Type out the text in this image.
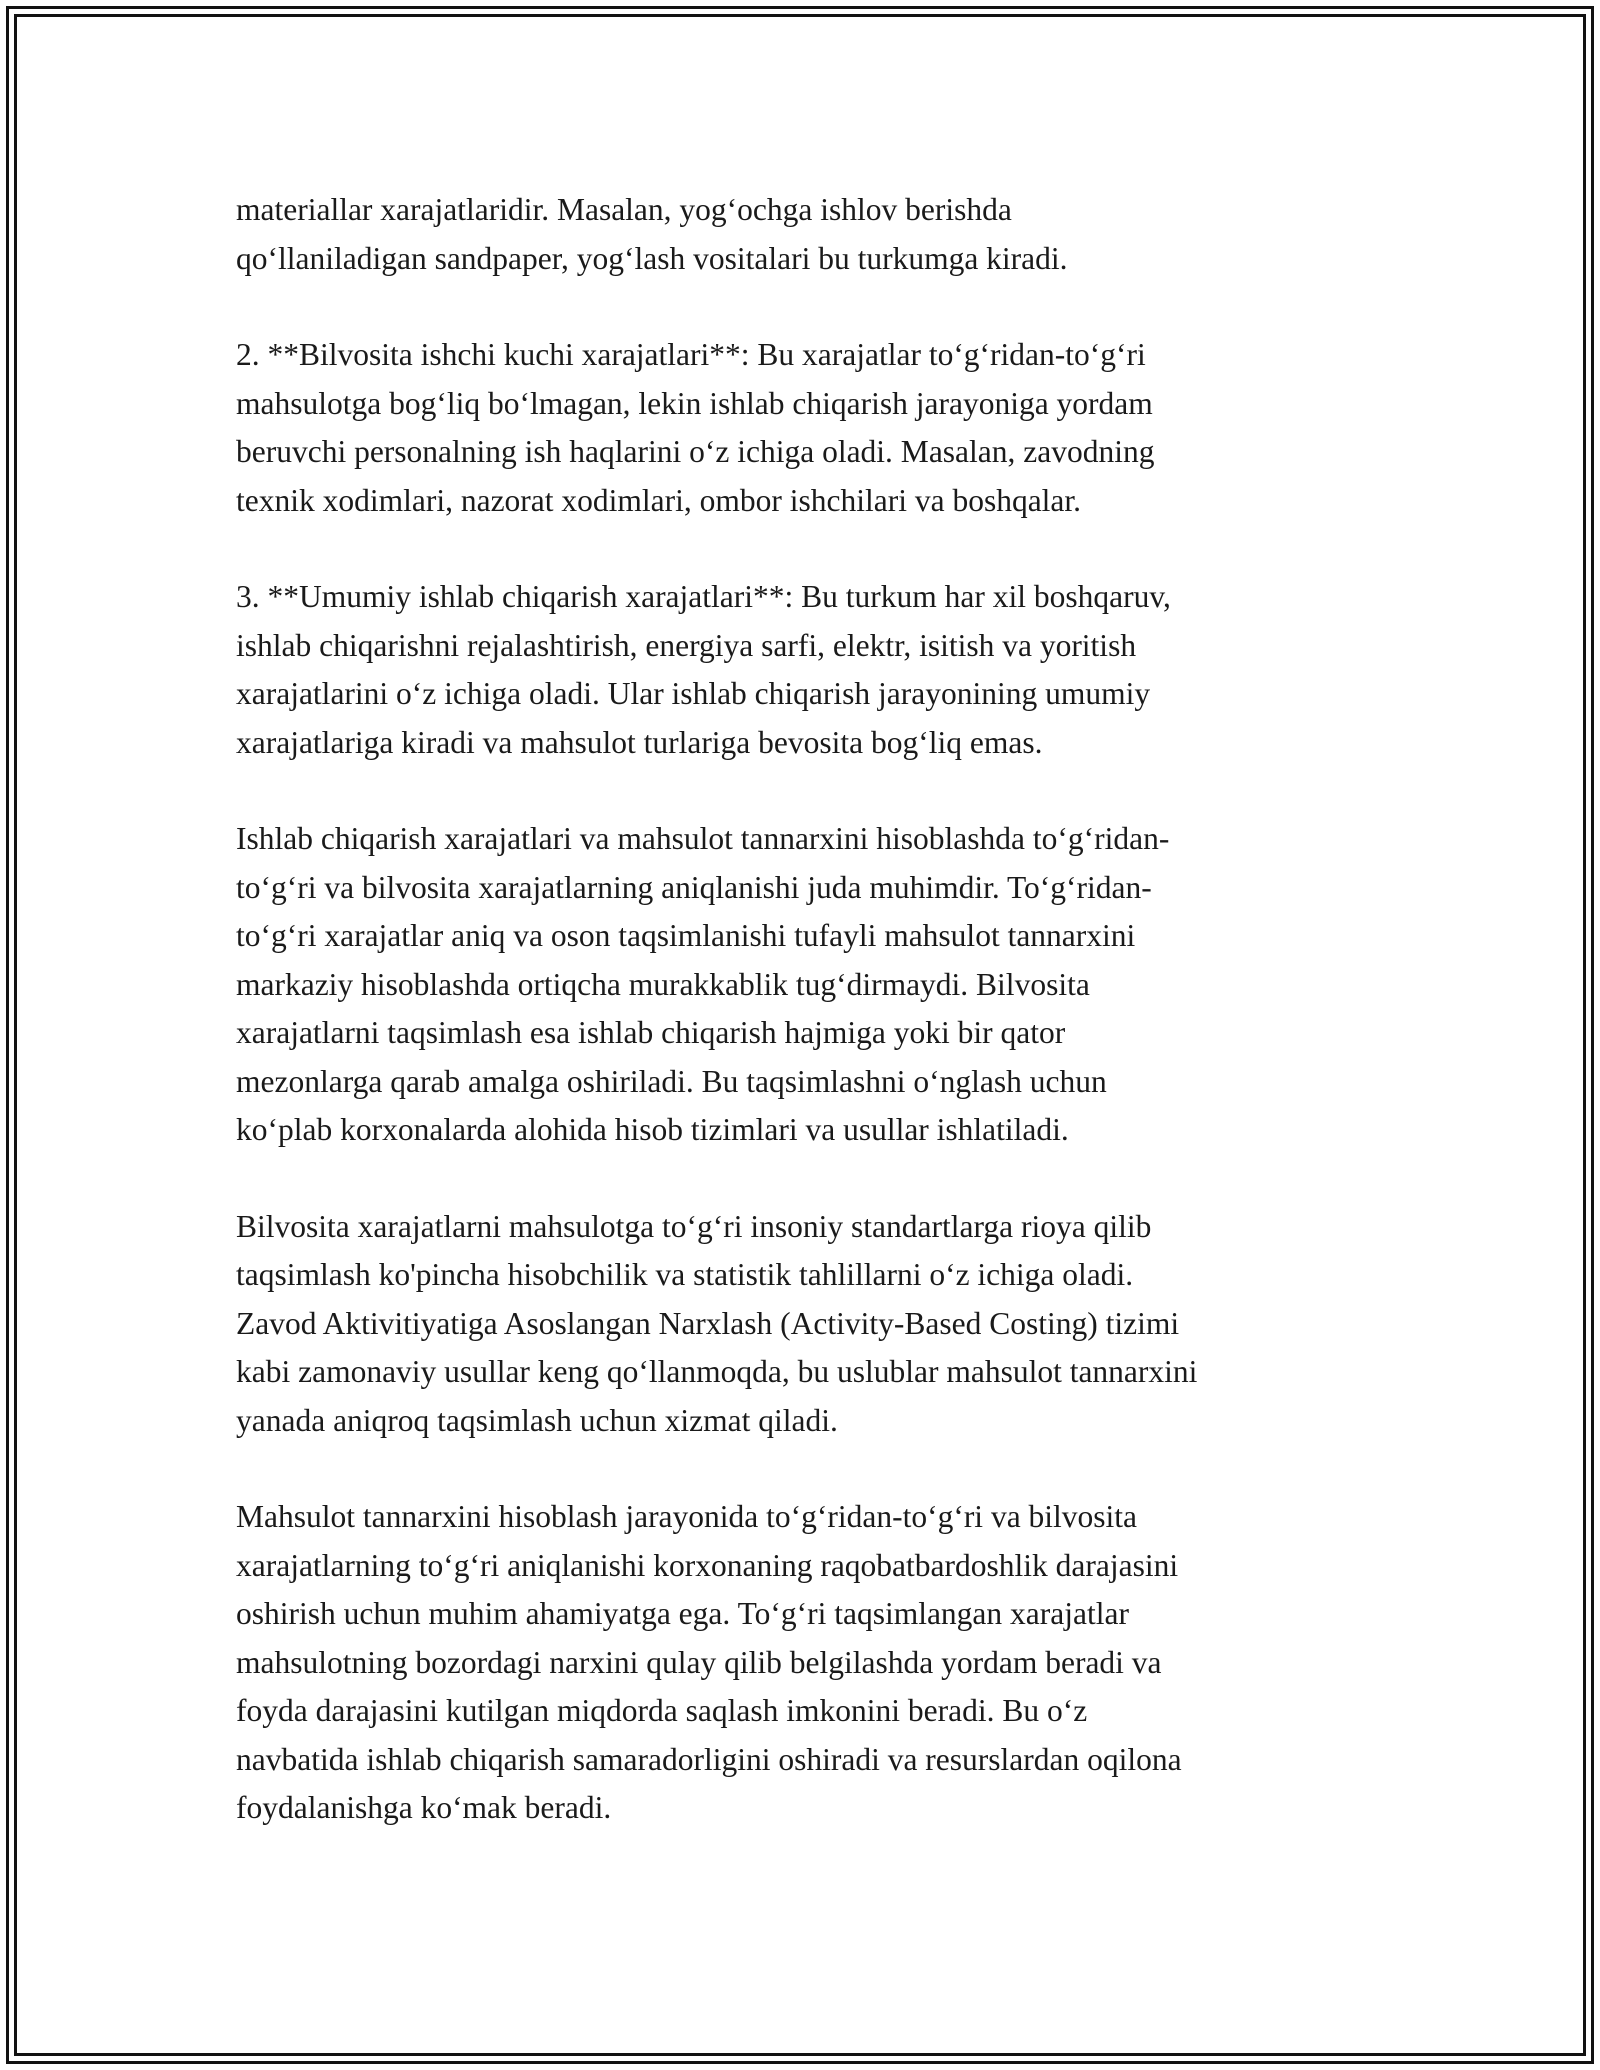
materiallar xarajatlaridir. Masalan, yog‘ochga ishlov berishda
qo‘llaniladigan sandpaper, yog‘lash vositalari bu turkumga kiradi.

2. **Bilvosita ishchi kuchi xarajatlari**: Bu xarajatlar to‘g‘ridan-to‘g‘ri
mahsulotga bog‘liq bo‘lmagan, lekin ishlab chiqarish jarayoniga yordam
beruvchi personalning ish haqlarini o‘z ichiga oladi. Masalan, zavodning
texnik xodimlari, nazorat xodimlari, ombor ishchilari va boshqalar.

3. **Umumiy ishlab chiqarish xarajatlari**: Bu turkum har xil boshqaruv,
ishlab chiqarishni rejalashtirish, energiya sarfi, elektr, isitish va yoritish
xarajatlarini o‘z ichiga oladi. Ular ishlab chiqarish jarayonining umumiy
xarajatlariga kiradi va mahsulot turlariga bevosita bog‘liq emas.

Ishlab chiqarish xarajatlari va mahsulot tannarxini hisoblashda to‘g‘ridan-
to‘g‘ri va bilvosita xarajatlarning aniqlanishi juda muhimdir. To‘g‘ridan-
to‘g‘ri xarajatlar aniq va oson taqsimlanishi tufayli mahsulot tannarxini
markaziy hisoblashda ortiqcha murakkablik tug‘dirmaydi. Bilvosita
xarajatlarni taqsimlash esa ishlab chiqarish hajmiga yoki bir qator
mezonlarga qarab amalga oshiriladi. Bu taqsimlashni o‘nglash uchun
ko‘plab korxonalarda alohida hisob tizimlari va usullar ishlatiladi.

Bilvosita xarajatlarni mahsulotga to‘g‘ri insoniy standartlarga rioya qilib
taqsimlash ko'pincha hisobchilik va statistik tahlillarni o‘z ichiga oladi.
Zavod Aktivitiyatiga Asoslangan Narxlash (Activity-Based Costing) tizimi
kabi zamonaviy usullar keng qo‘llanmoqda, bu uslublar mahsulot tannarxini
yanada aniqroq taqsimlash uchun xizmat qiladi.

Mahsulot tannarxini hisoblash jarayonida to‘g‘ridan-to‘g‘ri va bilvosita
xarajatlarning to‘g‘ri aniqlanishi korxonaning raqobatbardoshlik darajasini
oshirish uchun muhim ahamiyatga ega. To‘g‘ri taqsimlangan xarajatlar
mahsulotning bozordagi narxini qulay qilib belgilashda yordam beradi va
foyda darajasini kutilgan miqdorda saqlash imkonini beradi. Bu o‘z
navbatida ishlab chiqarish samaradorligini oshiradi va resurslardan oqilona
foydalanishga ko‘mak beradi.
